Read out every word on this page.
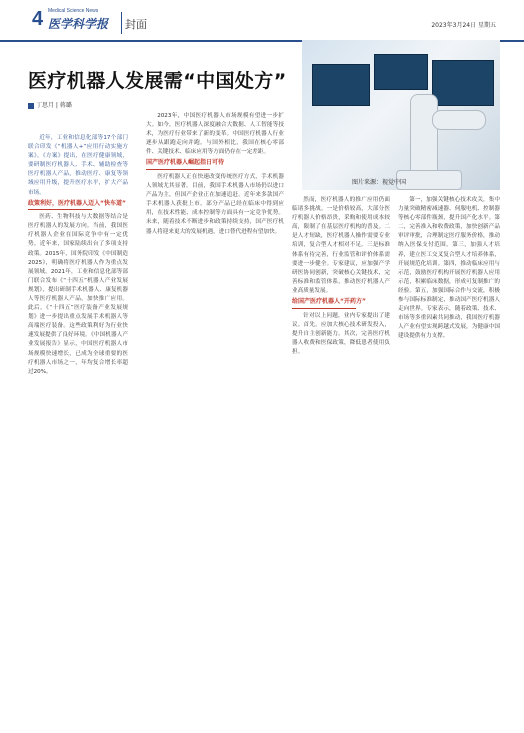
4 Medical Science News
医学科学报 封面	2023年3月24日 星期五
图片来源：视觉中国
医疗机器人发展需“中国处方”
丁思月 | 蒋璐

近年，工业和信息化部等17个部门联合印发《“机器人+”应用行动实施方案》。《方案》提出，在医疗健康领域，要研制医疗机器人、手术、辅助检查等医疗机器人产品，推动医疗、康复等领域应用升级，提升医疗水平，扩大产品市场。

政策利好，医疗机器人迈入“快车道”

医药、生物科技与大数据等结合是医疗机器人的发展方向。当前，我国医疗机器人企业在国际竞争中有一定优势。近年来，国家陆续出台了多项支持政策。2015年，国务院印发《中国制造2025》，明确将医疗机器人作为重点发展领域。2021年，工业和信息化部等部门联合发布《“十四五”机器人产业发展规划》，提出研制手术机器人、康复机器人等医疗机器人产品，加快推广应用。此后，《“十四五”医疗装备产业发展规划》进一步提出重点发展手术机器人等高端医疗装备。这些政策利好为行业快速发展提供了良好环境。《中国机器人产业发展报告》显示，中国医疗机器人市场规模快速增长，已成为全球重要的医疗机器人市场之一，年均复合增长率超过20%。

2023年，中国医疗机器人市场规模有望进一步扩大。如今，医疗机器人深度融合大数据、人工智能等技术，为医疗行业带来了新的变革。中国医疗机器人行业逐步从跟跑走向并跑。与国外相比，我国在核心零部件、关键技术、临床应用等方面仍存在一定差距。

国产医疗机器人崛起指日可待

医疗机器人正在快速改变传统医疗方式，手术机器人领域尤其显著。目前，我国手术机器人市场仍以进口产品为主，但国产企业正在加速追赶。近年来多款国产手术机器人获批上市，部分产品已经在临床中得到应用，在技术性能、成本控制等方面具有一定竞争优势。未来，随着技术不断进步和政策持续支持，国产医疗机器人将迎来更大的发展机遇，进口替代进程有望加快。

然而，医疗机器人的推广应用仍面临诸多挑战。一是价格较高，大部分医疗机器人价格昂贵，采购和使用成本较高，限制了在基层医疗机构的普及。二是人才短缺，医疗机器人操作需要专业培训，复合型人才相对不足。三是标准体系有待完善，行业监管和评价体系需要进一步健全。专家建议，应加强产学研医协同创新，突破核心关键技术，完善标准和监管体系，推动医疗机器人产业高质量发展。

给国产医疗机器人“开药方”

针对以上问题，业内专家提出了建议。首先，应加大核心技术研发投入，提升自主创新能力。其次，完善医疗机器人收费和医保政策，降低患者使用负担。

第一，加强关键核心技术攻关，集中力量突破精密减速器、伺服电机、控制器等核心零部件瓶颈，提升国产化水平。第二，完善准入和收费政策，加快创新产品审评审批，合理制定医疗服务价格，推动纳入医保支付范围。第三，加强人才培养，建立医工交叉复合型人才培养体系，开展规范化培训。第四，推动临床应用与示范，鼓励医疗机构开展医疗机器人应用示范，积累临床数据，形成可复制推广的经验。第五，加强国际合作与交流，积极参与国际标准制定，推动国产医疗机器人走向世界。专家表示，随着政策、技术、市场等多重因素共同推动，我国医疗机器人产业有望实现跨越式发展，为健康中国建设提供有力支撑。
